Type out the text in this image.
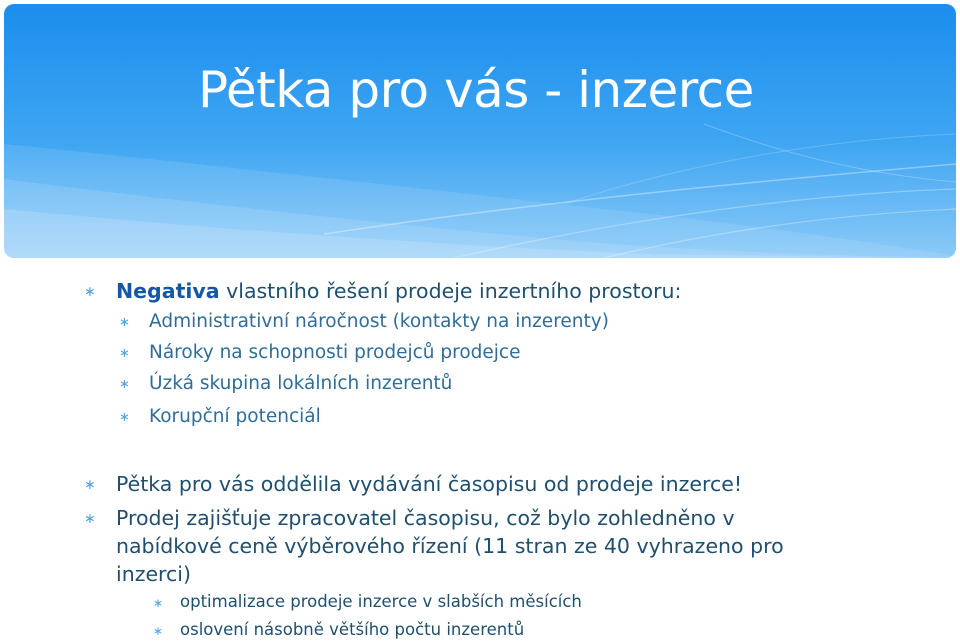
Pětka pro vás - inzerce
∗ Negativa vlastního řešení prodeje inzertního prostoru:
∗ Administrativní náročnost (kontakty na inzerenty)
∗ Nároky na schopnosti prodejců prodejce
∗ Úzká skupina lokálních inzerentů
∗ Korupční potenciál
∗ Pětka pro vás oddělila vydávání časopisu od prodeje inzerce!
∗ Prodej zajišťuje zpracovatel časopisu, což bylo zohledněno v
nabídkové ceně výběrového řízení (11 stran ze 40 vyhrazeno pro
inzerci)
∗ optimalizace prodeje inzerce v slabších měsících
∗ oslovení násobně většího počtu inzerentů
